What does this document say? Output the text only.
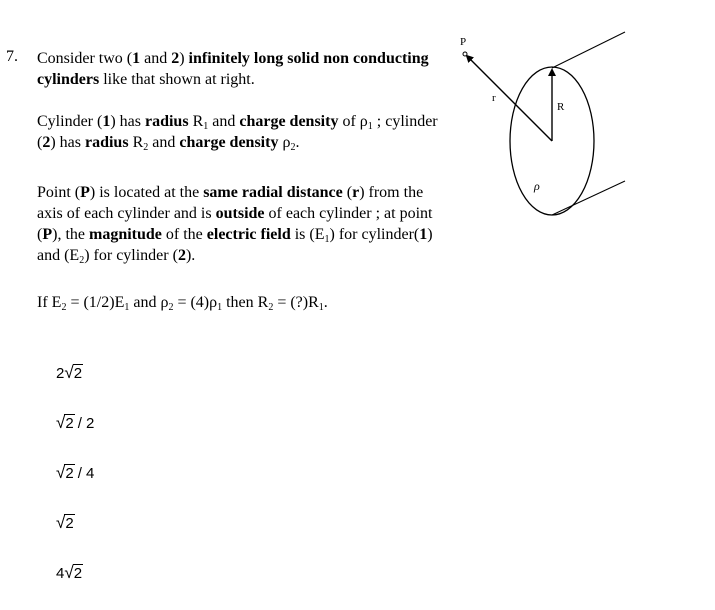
7. Consider two (1 and 2) infinitely long solid non conducting cylinders like that shown at right.

Cylinder (1) has radius $R_1$ and charge density of $\rho_1$ ; cylinder (2) has radius $R_2$ and charge density $\rho_2$.

Point (P) is located at the same radial distance (r) from the axis of each cylinder and is outside of each cylinder ; at point (P), the magnitude of the electric field is $(E_1)$ for cylinder(1) and $(E_2)$ for cylinder (2).

If $E_2 = (1/2)E_1$ and $\rho_2 = (4)\rho_1$ then $R_2$ = $(?)R_1$.

P
r
R
ρ
2 √ 2
√ 2 / 2
√ 2 / 4
√ 2
4 √ 2
